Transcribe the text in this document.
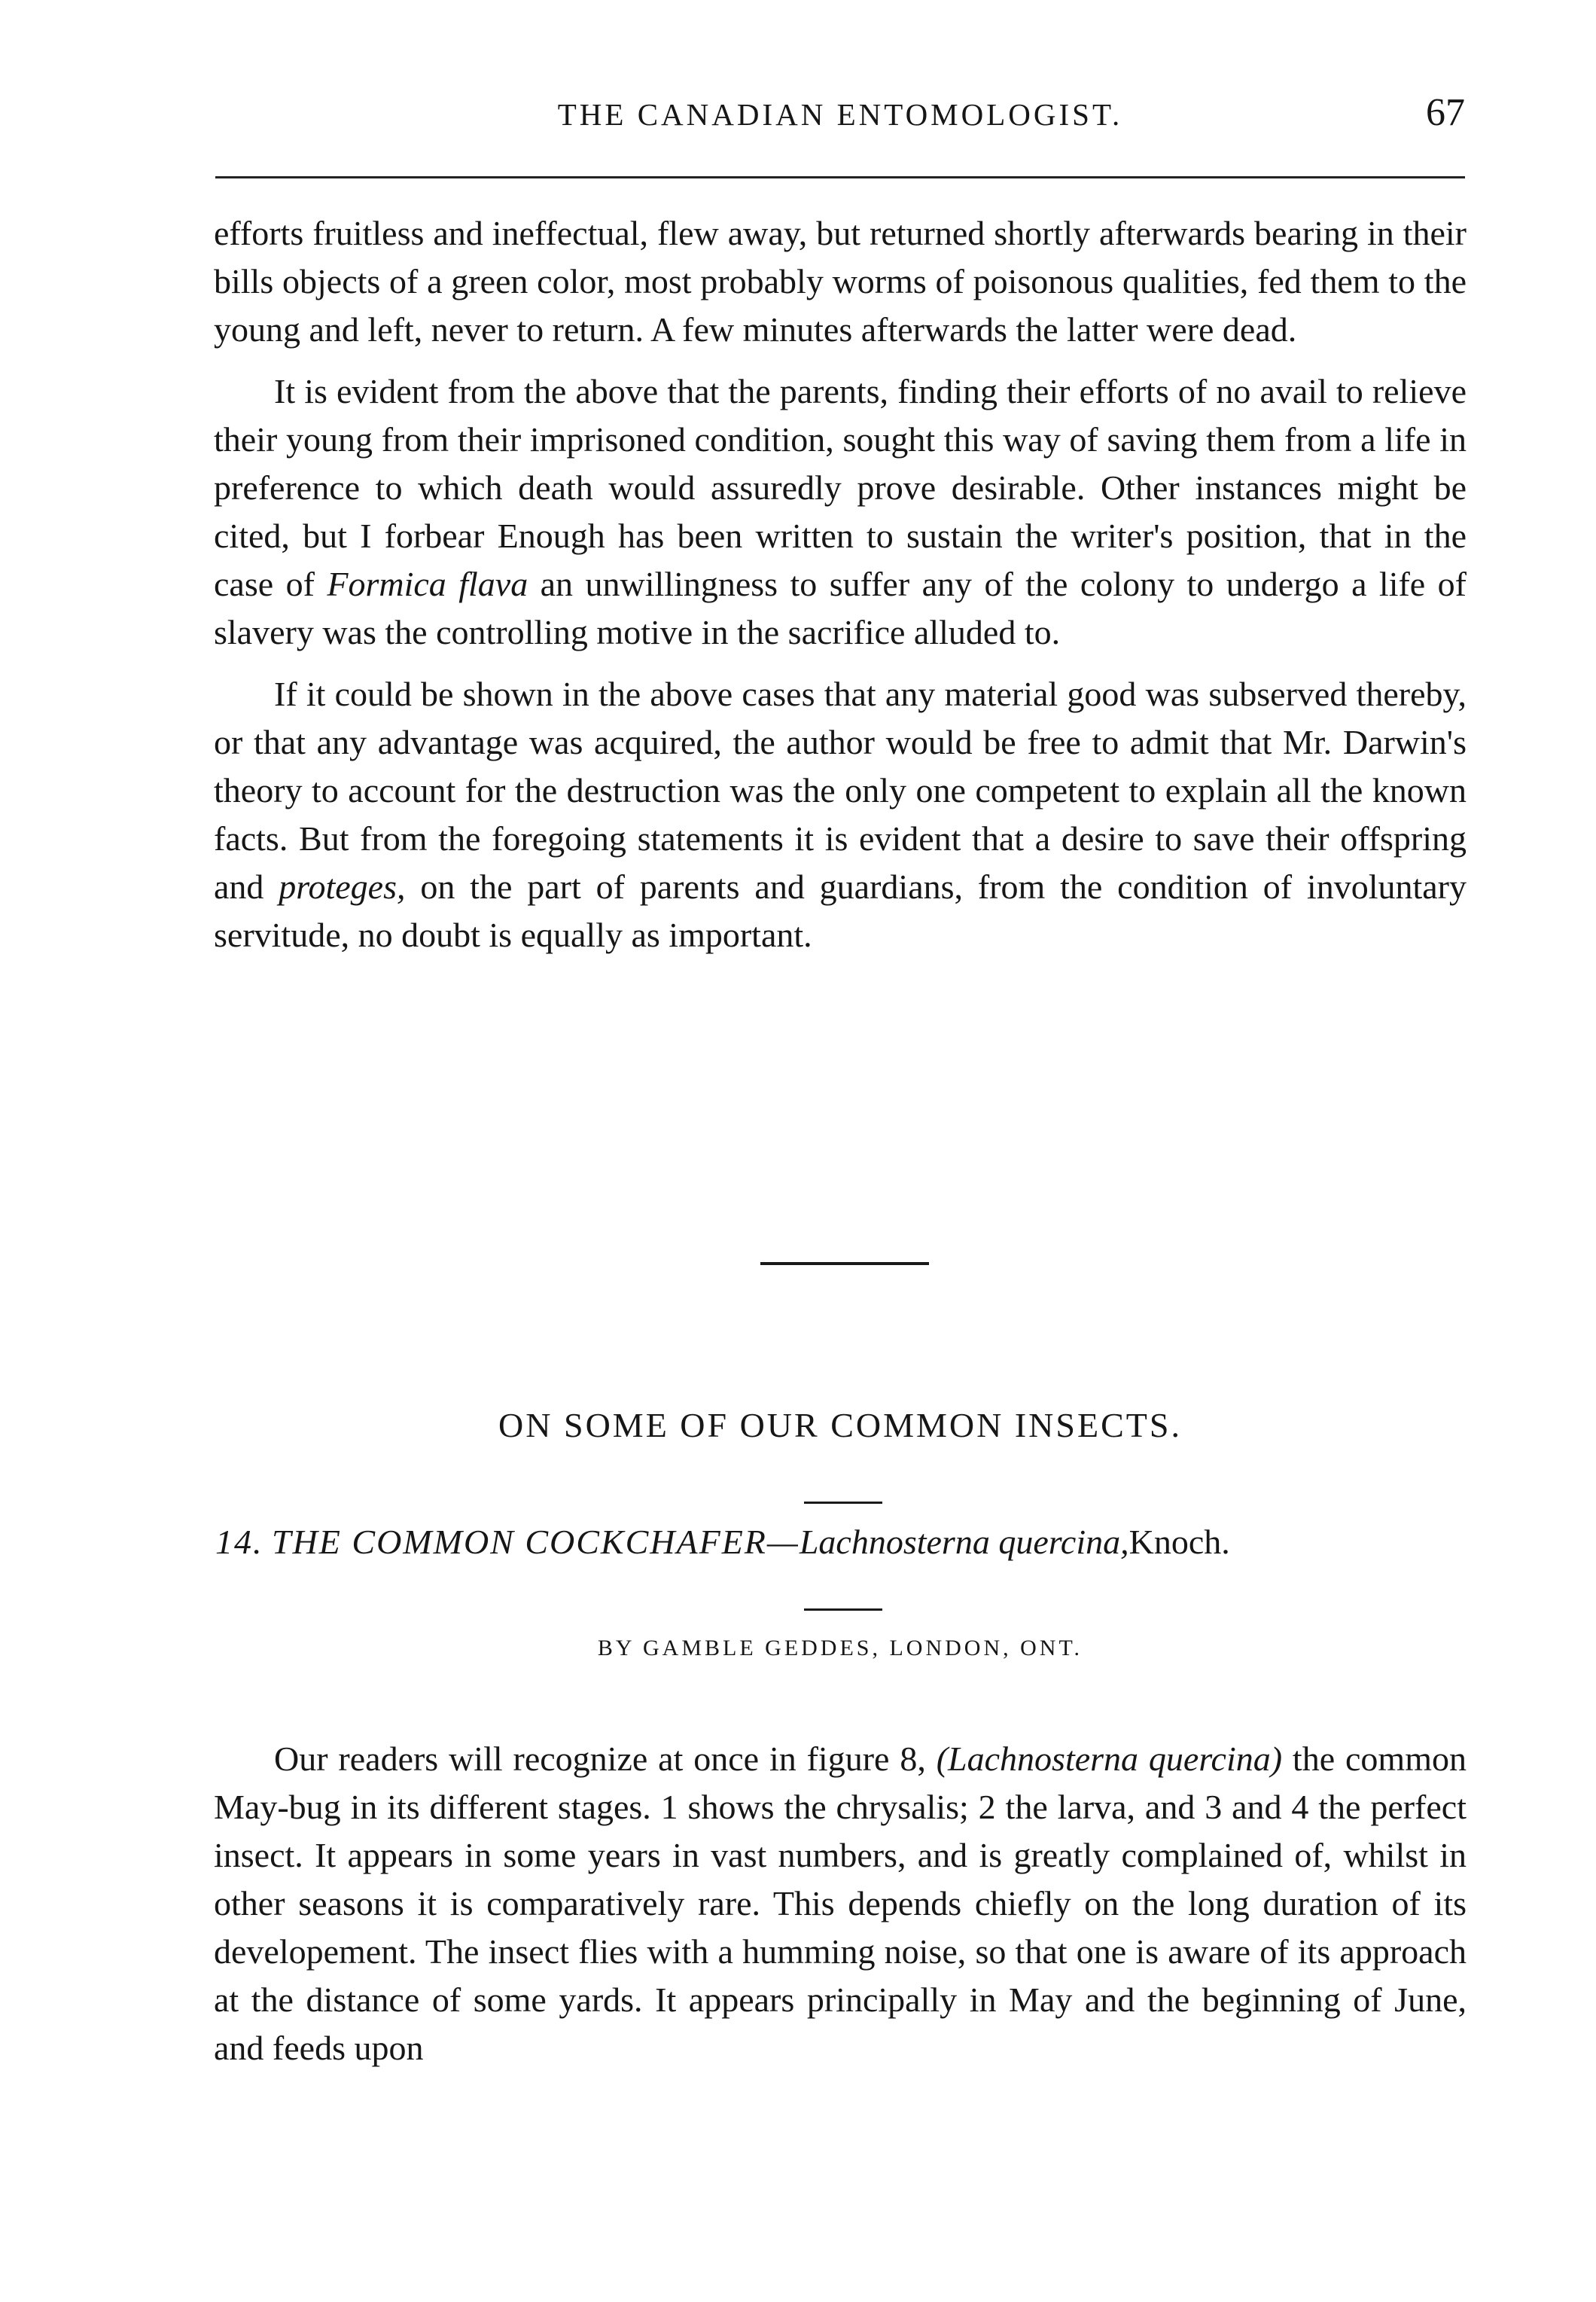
THE CANADIAN ENTOMOLOGIST.	67

efforts fruitless and ineffectual, flew away, but returned shortly afterwards bearing in their bills objects of a green color, most probably worms of poisonous qualities, fed them to the young and left, never to return. A few minutes afterwards the latter were dead.

It is evident from the above that the parents, finding their efforts of no avail to relieve their young from their imprisoned condition, sought this way of saving them from a life in preference to which death would assuredly prove desirable. Other instances might be cited, but I forbear Enough has been written to sustain the writer's position, that in the case of Formica flava an unwillingness to suffer any of the colony to undergo a life of slavery was the controlling motive in the sacrifice alluded to.

If it could be shown in the above cases that any material good was subserved thereby, or that any advantage was acquired, the author would be free to admit that Mr. Darwin's theory to account for the destruction was the only one competent to explain all the known facts. But from the foregoing statements it is evident that a desire to save their offspring and proteges, on the part of parents and guardians, from the condition of involuntary servitude, no doubt is equally as important.

ON SOME OF OUR COMMON INSECTS.
14. THE COMMON COCKCHAFER—Lachnosterna quercina,Knoch.
BY GAMBLE GEDDES, LONDON, ONT.

Our readers will recognize at once in figure 8, (Lachnosterna quercina) the common May-bug in its different stages. 1 shows the chrysalis; 2 the larva, and 3 and 4 the perfect insect. It appears in some years in vast numbers, and is greatly complained of, whilst in other seasons it is comparatively rare. This depends chiefly on the long duration of its developement. The insect flies with a humming noise, so that one is aware of its approach at the distance of some yards. It appears principally in May and the beginning of June, and feeds upon
